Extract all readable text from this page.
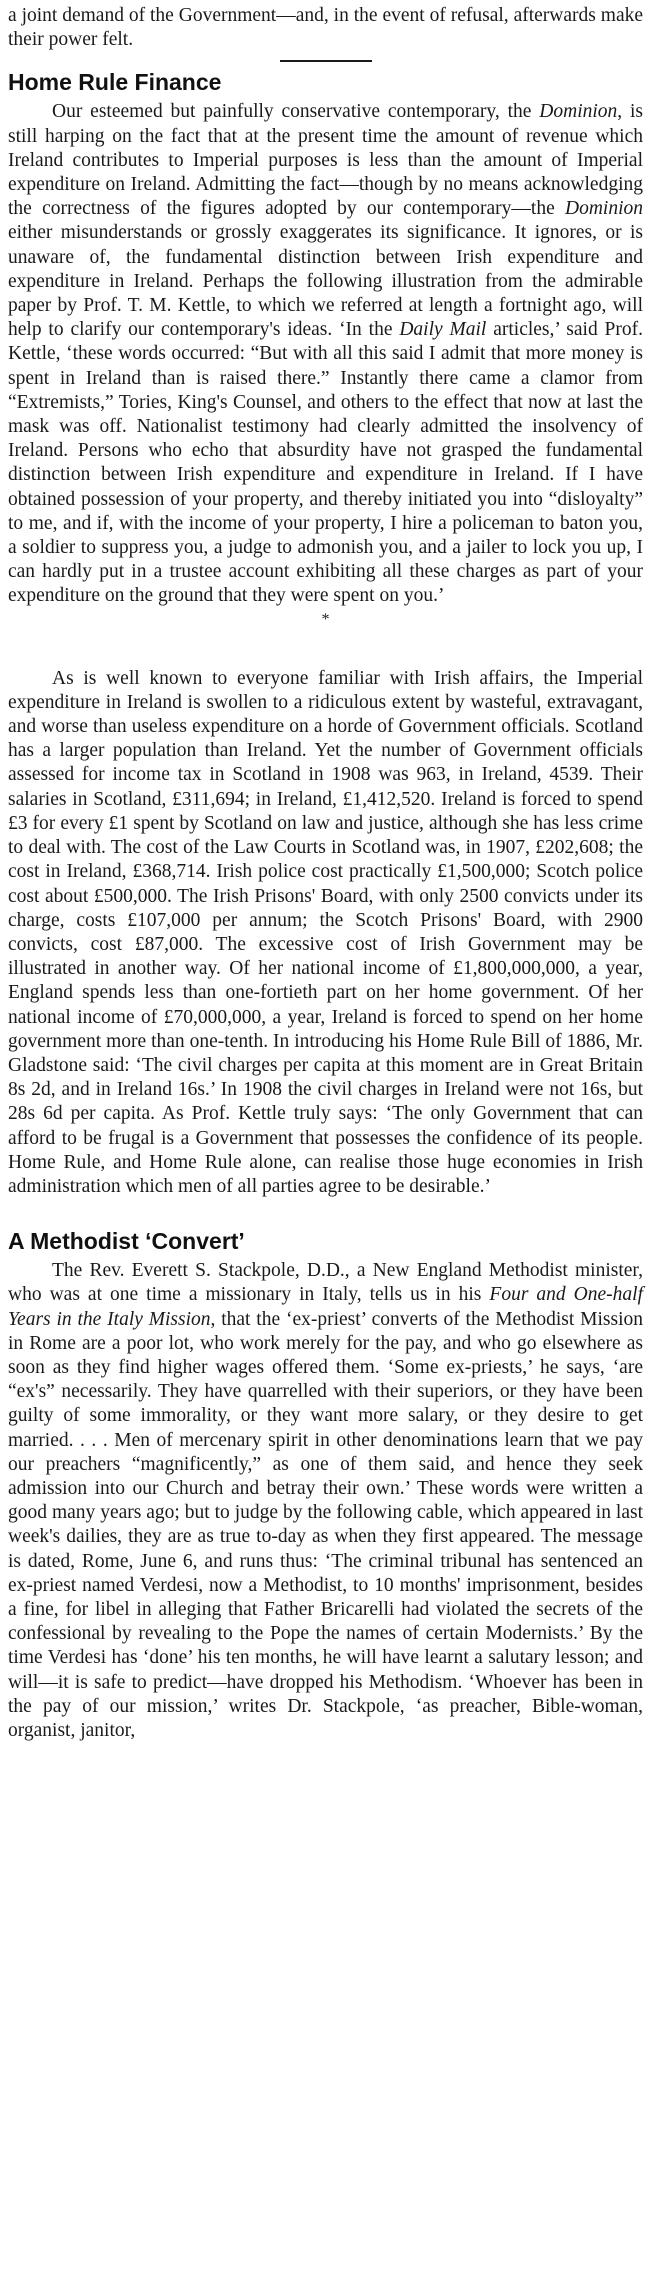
a joint demand of the Government—and, in the event of refusal, afterwards make their power felt.

Home Rule Finance

Our esteemed but painfully conservative contemporary, the Dominion, is still harping on the fact that at the present time the amount of revenue which Ireland contributes to Imperial purposes is less than the amount of Imperial expenditure on Ireland. Admitting the fact—though by no means acknowledging the correctness of the figures adopted by our contemporary—the Dominion either misunderstands or grossly exaggerates its significance. It ignores, or is unaware of, the fundamental distinction between Irish expenditure and expenditure in Ireland. Perhaps the following illustration from the admirable paper by Prof. T. M. Kettle, to which we referred at length a fortnight ago, will help to clarify our contemporary's ideas. ‘In the Daily Mail articles,’ said Prof. Kettle, ‘these words occurred: “But with all this said I admit that more money is spent in Ireland than is raised there.” Instantly there came a clamor from “Extremists,” Tories, King's Counsel, and others to the effect that now at last the mask was off. Nationalist testimony had clearly admitted the insolvency of Ireland. Persons who echo that absurdity have not grasped the fundamental distinction between Irish expenditure and expenditure in Ireland. If I have obtained possession of your property, and thereby initiated you into “disloyalty” to me, and if, with the income of your property, I hire a policeman to baton you, a soldier to suppress you, a judge to admonish you, and a jailer to lock you up, I can hardly put in a trustee account exhibiting all these charges as part of your expenditure on the ground that they were spent on you.’

*

As is well known to everyone familiar with Irish affairs, the Imperial expenditure in Ireland is swollen to a ridiculous extent by wasteful, extravagant, and worse than useless expenditure on a horde of Government officials. Scotland has a larger population than Ireland. Yet the number of Government officials assessed for income tax in Scotland in 1908 was 963, in Ireland, 4539. Their salaries in Scotland, £311,694; in Ireland, £1,412,520. Ireland is forced to spend £3 for every £1 spent by Scotland on law and justice, although she has less crime to deal with. The cost of the Law Courts in Scotland was, in 1907, £202,608; the cost in Ireland, £368,714. Irish police cost practically £1,500,000; Scotch police cost about £500,000. The Irish Prisons' Board, with only 2500 convicts under its charge, costs £107,000 per annum; the Scotch Prisons' Board, with 2900 convicts, cost £87,000. The excessive cost of Irish Government may be illustrated in another way. Of her national income of £1,800,000,000, a year, England spends less than one-fortieth part on her home government. Of her national income of £70,000,000, a year, Ireland is forced to spend on her home government more than one-tenth. In introducing his Home Rule Bill of 1886, Mr. Gladstone said: ‘The civil charges per capita at this moment are in Great Britain 8s 2d, and in Ireland 16s.’ In 1908 the civil charges in Ireland were not 16s, but 28s 6d per capita. As Prof. Kettle truly says: ‘The only Government that can afford to be frugal is a Government that possesses the confidence of its people. Home Rule, and Home Rule alone, can realise those huge economies in Irish administration which men of all parties agree to be desirable.’

A Methodist ‘Convert’

The Rev. Everett S. Stackpole, D.D., a New England Methodist minister, who was at one time a missionary in Italy, tells us in his Four and One-half Years in the Italy Mission, that the ‘ex-priest’ converts of the Methodist Mission in Rome are a poor lot, who work merely for the pay, and who go elsewhere as soon as they find higher wages offered them. ‘Some ex-priests,’ he says, ‘are “ex's” necessarily. They have quarrelled with their superiors, or they have been guilty of some immorality, or they want more salary, or they desire to get married. . . . Men of mercenary spirit in other denominations learn that we pay our preachers “magnificently,” as one of them said, and hence they seek admission into our Church and betray their own.’ These words were written a good many years ago; but to judge by the following cable, which appeared in last week's dailies, they are as true to-day as when they first appeared. The message is dated, Rome, June 6, and runs thus: ‘The criminal tribunal has sentenced an ex-priest named Verdesi, now a Methodist, to 10 months' imprisonment, besides a fine, for libel in alleging that Father Bricarelli had violated the secrets of the confessional by revealing to the Pope the names of certain Modernists.’ By the time Verdesi has ‘done’ his ten months, he will have learnt a salutary lesson; and will—it is safe to predict—have dropped his Methodism. ‘Whoever has been in the pay of our mission,’ writes Dr. Stackpole, ‘as preacher, Bible-woman, organist, janitor,
